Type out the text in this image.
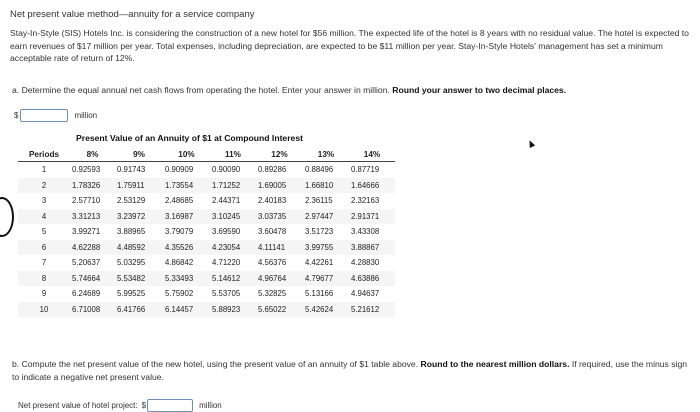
Net present value method—annuity for a service company
Stay-In-Style (SIS) Hotels Inc. is considering the construction of a new hotel for $56 million. The expected life of the hotel is 8 years with no residual value. The hotel is expected to earn revenues of $17 million per year. Total expenses, including depreciation, are expected to be $11 million per year. Stay-In-Style Hotels' management has set a minimum acceptable rate of return of 12%.
a. Determine the equal annual net cash flows from operating the hotel. Enter your answer in million. Round your answer to two decimal places.
$	million
Present Value of an Annuity of $1 at Compound Interest
Periods	8%	9%	10%	11%	12%	13%	14%
1	0.92593	0.91743	0.90909	0.90090	0.89286	0.88496	0.87719
2	1.78326	1.75911	1.73554	1.71252	1.69005	1.66810	1.64666
3	2.57710	2.53129	2.48685	2.44371	2.40183	2.36115	2.32163
4	3.31213	3.23972	3.16987	3.10245	3.03735	2.97447	2.91371
5	3.99271	3.88965	3.79079	3.69590	3.60478	3.51723	3.43308
6	4.62288	4.48592	4.35526	4.23054	4.11141	3.99755	3.88867
7	5.20637	5.03295	4.86842	4.71220	4.56376	4.42261	4.28830
8	5.74664	5.53482	5.33493	5.14612	4.96764	4.79677	4.63886
9	6.24689	5.99525	5.75902	5.53705	5.32825	5.13166	4.94637
10	6.71008	6.41766	6.14457	5.88923	5.65022	5.42624	5.21612
b. Compute the net present value of the new hotel, using the present value of an annuity of $1 table above. Round to the nearest million dollars. If required, use the minus sign to indicate a negative net present value.
Net present value of hotel project: $	million
